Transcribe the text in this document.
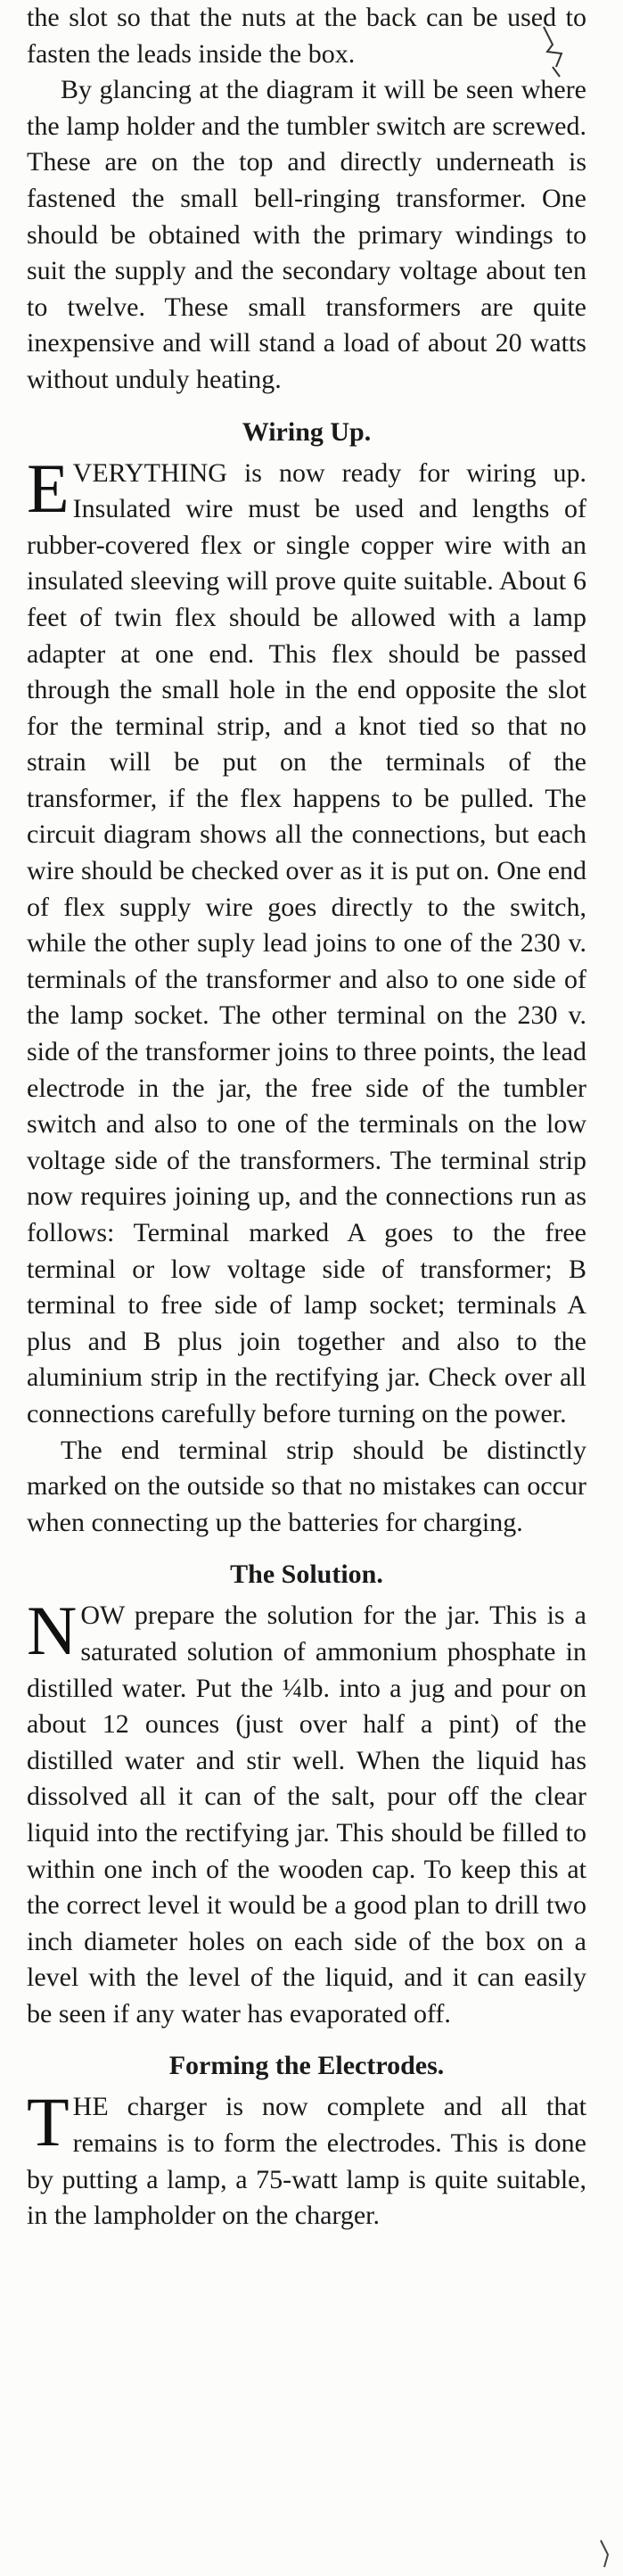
the slot so that the nuts at the back can be used to fasten the leads inside the box.

By glancing at the diagram it will be seen where the lamp holder and the tumbler switch are screwed. These are on the top and directly underneath is fastened the small bell-ringing transformer. One should be obtained with the primary windings to suit the supply and the secondary voltage about ten to twelve. These small transformers are quite inexpensive and will stand a load of about 20 watts without unduly heating.

Wiring Up.

EVERYTHING is now ready for wiring up. Insulated wire must be used and lengths of rubber-covered flex or single copper wire with an insulated sleeving will prove quite suitable. About 6 feet of twin flex should be allowed with a lamp adapter at one end. This flex should be passed through the small hole in the end opposite the slot for the terminal strip, and a knot tied so that no strain will be put on the terminals of the transformer, if the flex happens to be pulled. The circuit diagram shows all the connections, but each wire should be checked over as it is put on. One end of flex supply wire goes directly to the switch, while the other suply lead joins to one of the 230 v. terminals of the transformer and also to one side of the lamp socket. The other terminal on the 230 v. side of the transformer joins to three points, the lead electrode in the jar, the free side of the tumbler switch and also to one of the terminals on the low voltage side of the transformers. The terminal strip now requires joining up, and the connections run as follows: Terminal marked A goes to the free terminal or low voltage side of transformer; B terminal to free side of lamp socket; terminals A plus and B plus join together and also to the aluminium strip in the rectifying jar. Check over all connections carefully before turning on the power.

The end terminal strip should be distinctly marked on the outside so that no mistakes can occur when connecting up the batteries for charging.

The Solution.

NOW prepare the solution for the jar. This is a saturated solution of ammonium phosphate in distilled water. Put the ¼lb. into a jug and pour on about 12 ounces (just over half a pint) of the distilled water and stir well. When the liquid has dissolved all it can of the salt, pour off the clear liquid into the rectifying jar. This should be filled to within one inch of the wooden cap. To keep this at the correct level it would be a good plan to drill two inch diameter holes on each side of the box on a level with the level of the liquid, and it can easily be seen if any water has evaporated off.

Forming the Electrodes.

THE charger is now complete and all that remains is to form the electrodes. This is done by putting a lamp, a 75-watt lamp is quite suitable, in the lampholder on the charger.
